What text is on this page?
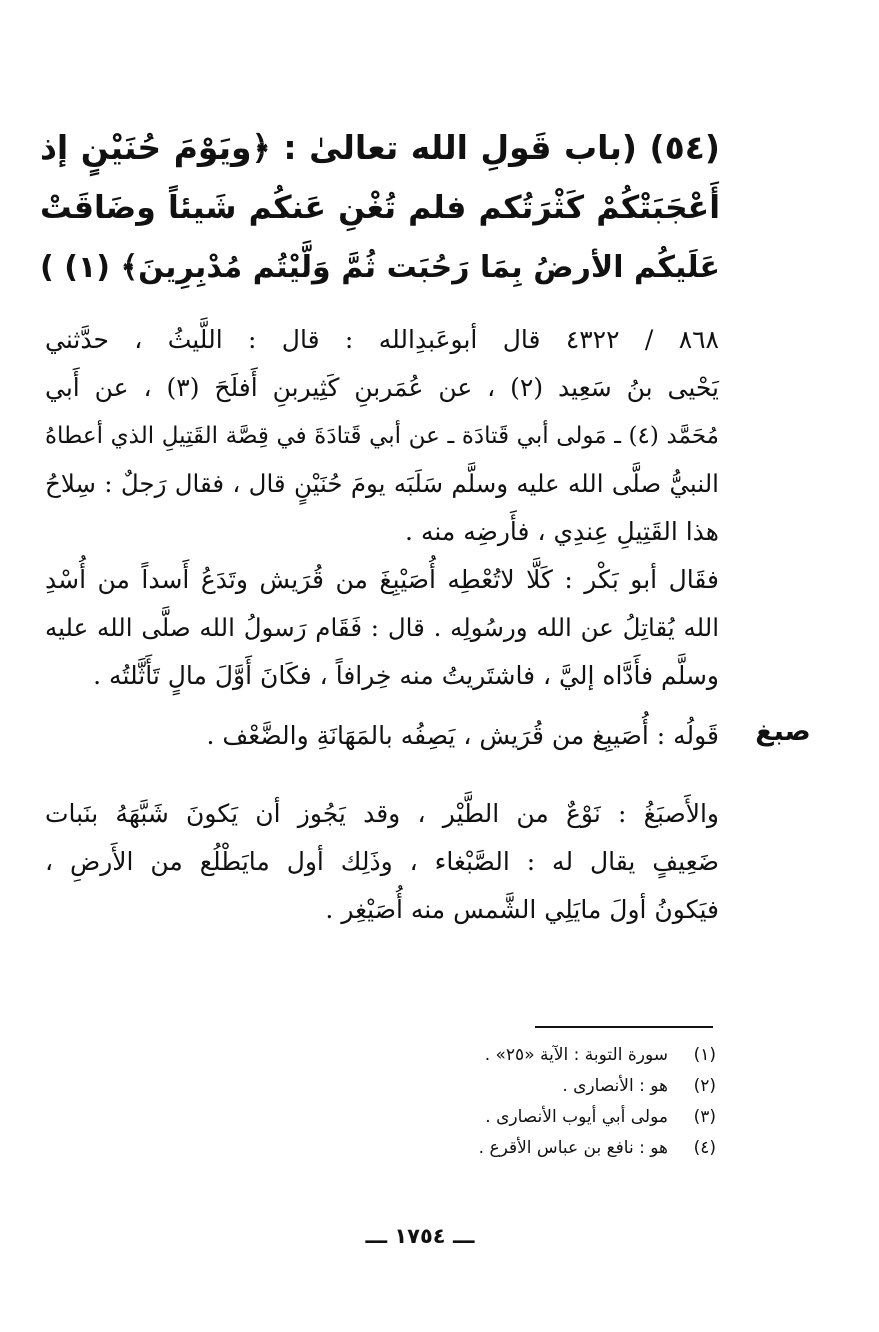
(٥٤) (باب قَولِ الله تعالىٰ : ﴿ويَوْمَ حُنَيْنٍ إذ
أَعْجَبَتْكُمْ كَثْرَتُكم فلم تُغْنِ عَنكُم شَيئاً وضَاقَتْ
عَلَيكُم الأرضُ بِمَا رَحُبَت ثُمَّ وَلَّيْتُم مُدْبِرِينَ﴾ (١) )
٨٦٨ / ٤٣٢٢ قال أبوعَبدِالله : قال : اللَّيثُ ، حدَّثني
يَحْيى بنُ سَعِيد (٢) ، عن عُمَربنِ كَثِيربنِ أَفلَحَ (٣) ، عن أَبي
مُحَمَّد (٤) ـ مَولى أبي قَتادَة ـ عن أبي قَتادَةَ في قِصَّة القَتِيلِ الذي أعطاهُ
النبيُّ صلَّى الله عليه وسلَّم سَلَبَه يومَ حُنَيْنٍ قال ، فقال رَجلٌ : سِلاحُ
هذا القَتِيلِ عِندِي ، فأَرضِه منه .
فقَال أبو بَكْر : كَلَّا لاتُعْطِه أُصَيْبِغَ من قُرَيش وتَدَعُ أَسداً من أُسْدِ
الله يُقاتِلُ عن الله ورسُولِه . قال : فَقَام رَسولُ الله صلَّى الله عليه
وسلَّم فأَدَّاه إليَّ ، فاشتَريتُ منه خِرافاً ، فكَانَ أَوَّلَ مالٍ تَأَثَّلتُه .
صبغ
قَولُه : أُصَيبِغ من قُرَيش ، يَصِفُه بالمَهَانَةِ والضَّعْف .
والأَصبَغُ : نَوْعٌ من الطَّيْر ، وقد يَجُوز أن يَكونَ شَبَّهَهُ بنَبات
ضَعِيفٍ يقال له : الصَّبْغاء ، وذَلِك أول مايَطْلُع من الأَرضِ ،
فيَكونُ أولَ مايَلِي الشَّمس منه أُصَيْغِر .
(١)
سورة التوبة : الآية «٢٥» .
(٢)
هو : الأنصارى .
(٣)
مولى أبي أيوب الأنصارى .
(٤)
هو : نافع بن عباس الأقرع .
ـــ ١٧٥٤ ـــ
